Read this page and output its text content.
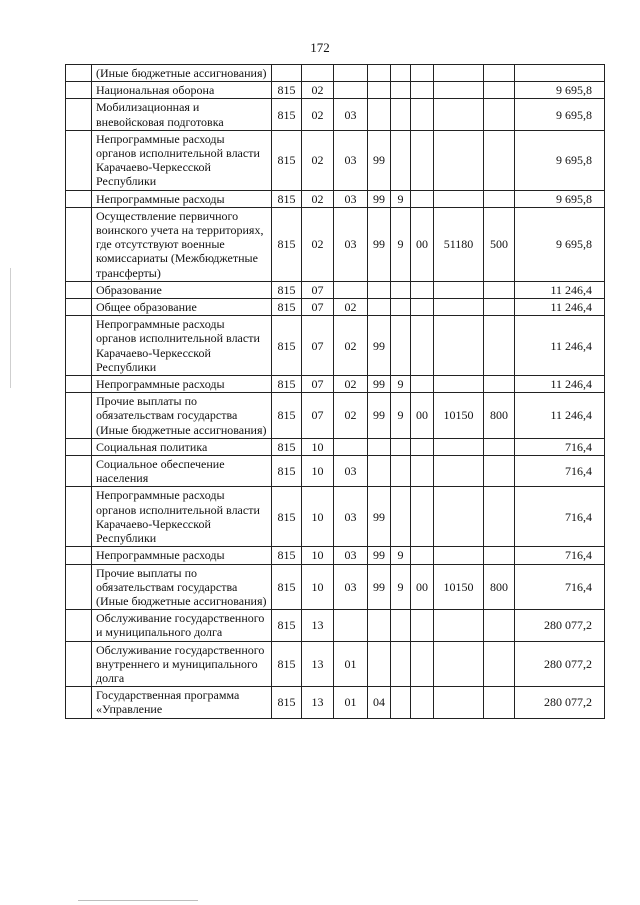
172
	(Иные бюджетные ассигнования)									
	Национальная оборона	815	02							9 695,8
	Мобилизационная и вневойсковая подготовка	815	02	03						9 695,8
	Непрограммные расходы органов исполнительной власти Карачаево-Черкесской Республики	815	02	03	99					9 695,8
	Непрограммные расходы	815	02	03	99	9				9 695,8
	Осуществление первичного воинского учета на территориях, где отсутствуют военные комиссариаты (Межбюджетные трансферты)	815	02	03	99	9	00	51180	500	9 695,8
	Образование	815	07							11 246,4
	Общее образование	815	07	02						11 246,4
	Непрограммные расходы органов исполнительной власти Карачаево-Черкесской Республики	815	07	02	99					11 246,4
	Непрограммные расходы	815	07	02	99	9				11 246,4
	Прочие выплаты по обязательствам государства (Иные бюджетные ассигнования)	815	07	02	99	9	00	10150	800	11 246,4
	Социальная политика	815	10							716,4
	Социальное обеспечение населения	815	10	03						716,4
	Непрограммные расходы органов исполнительной власти Карачаево-Черкесской Республики	815	10	03	99					716,4
	Непрограммные расходы	815	10	03	99	9				716,4
	Прочие выплаты по обязательствам государства (Иные бюджетные ассигнования)	815	10	03	99	9	00	10150	800	716,4
	Обслуживание государственного и муниципального долга	815	13							280 077,2
	Обслуживание государственного внутреннего и муниципального долга	815	13	01						280 077,2
	Государственная программа «Управление	815	13	01	04					280 077,2
